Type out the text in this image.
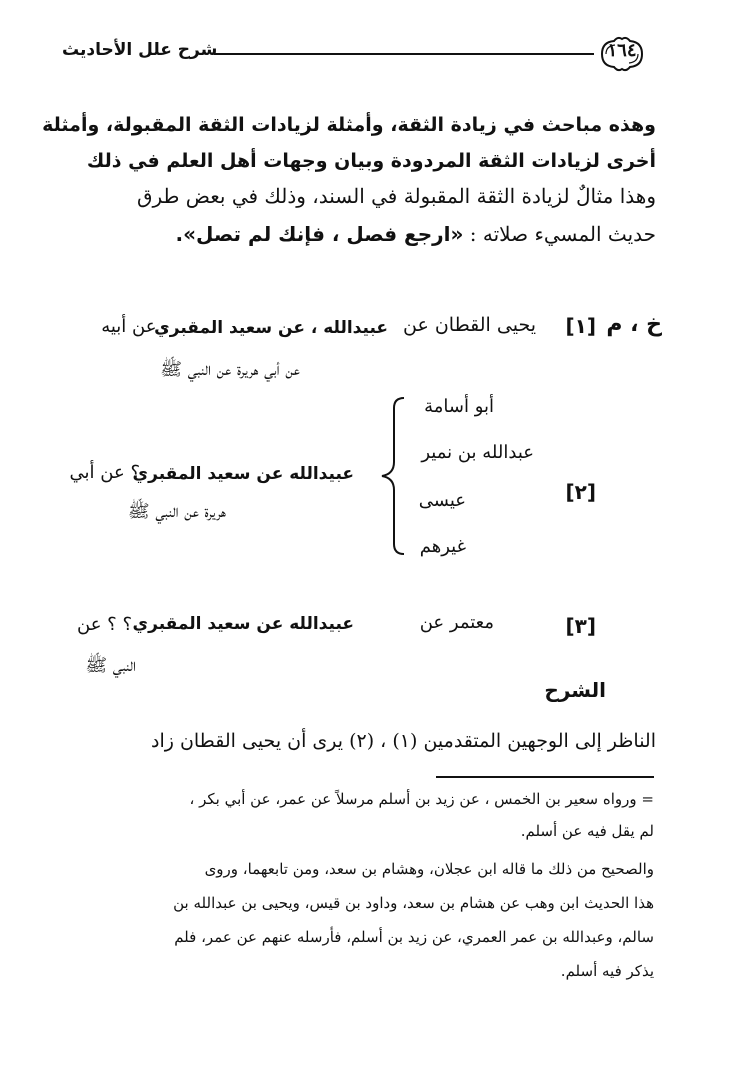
شرح علل الأحاديث	١٦٤
وهذه مباحث في زيادة الثقة، وأمثلة لزيادات الثقة المقبولة، وأمثلة
أخرى لزيادات الثقة المردودة وبيان وجهات أهل العلم في ذلك
وهذا مثالٌ لزيادة الثقة المقبولة في السند، وذلك في بعض طرق
حديث المسيء صلاته : «ارجع فصل ، فإنك لم تصل».
خ ، م
[١]
يحيى القطان عن
عبيدالله ، عن سعيد المقبري
، عن أبيه
عن أبي هريرة عن النبي ﷺ
أبو أسامة
عبدالله بن نمير
عيسى
غيرهم
[٢]
عبيدالله عن سعيد المقبري
؟ عن أبي
هريرة عن النبي ﷺ
[٣]
معتمر عن
عبيدالله عن سعيد المقبري
؟ ؟ عن
النبي ﷺ
الشرح
الناظر إلى الوجهين المتقدمين (١) ، (٢) يرى أن يحيى القطان زاد
= ورواه سعير بن الخمس ، عن زيد بن أسلم مرسلاً عن عمر، عن أبي بكر ،
لم يقل فيه عن أسلم.
والصحيح من ذلك ما قاله ابن عجلان، وهشام بن سعد، ومن تابعهما، وروى
هذا الحديث ابن وهب عن هشام بن سعد، وداود بن قيس، ويحيى بن عبدالله بن
سالم، وعبدالله بن عمر العمري، عن زيد بن أسلم، فأرسله عنهم عن عمر، فلم
يذكر فيه أسلم.
